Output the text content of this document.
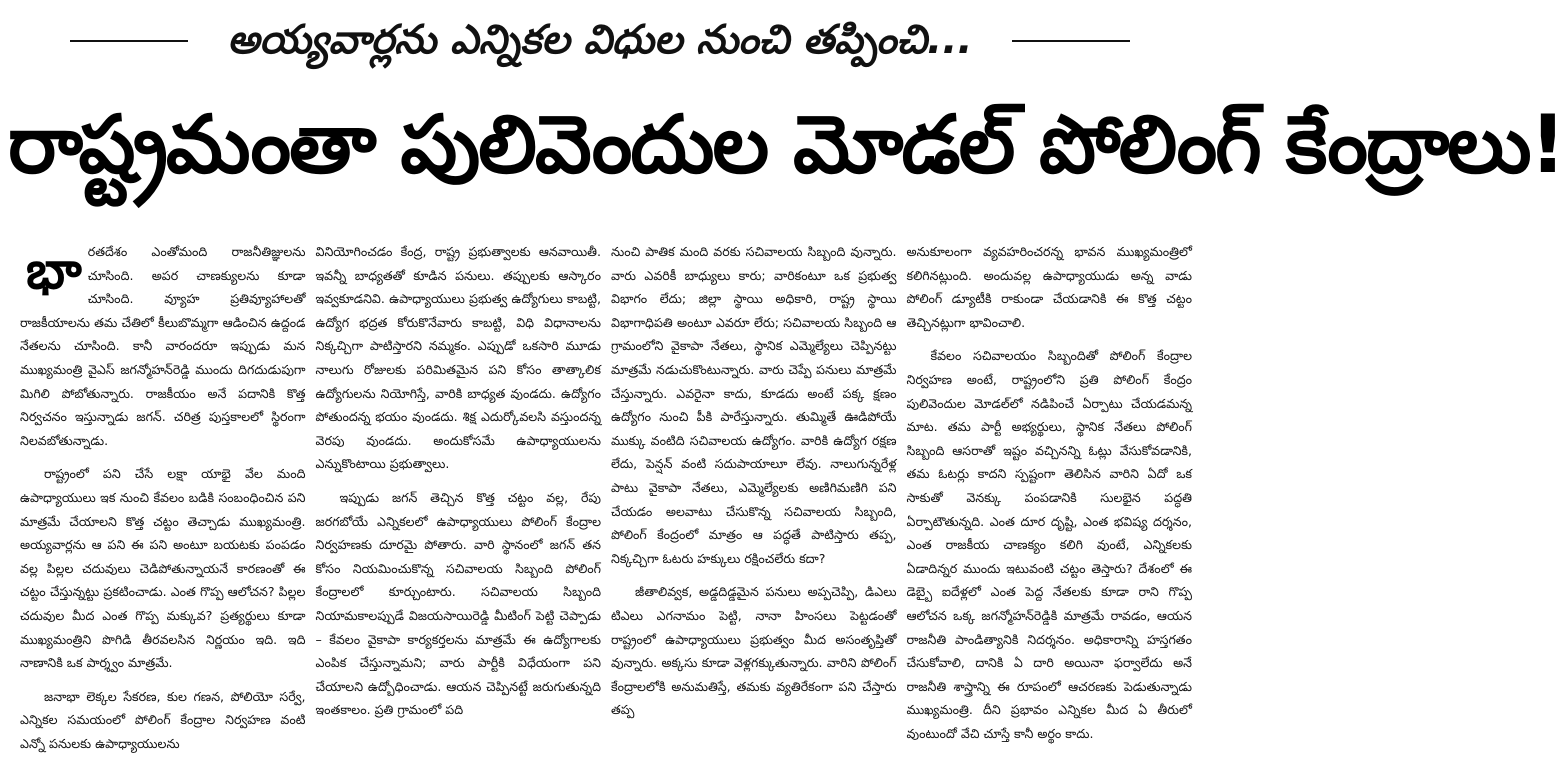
అయ్యవార్లను ఎన్నికల విధుల నుంచి తప్పించి...
రాష్ట్రమంతా పులివెందుల మోడల్ పోలింగ్ కేంద్రాలు!

భారతదేశం ఎంతోమంది రాజనీతిజ్ఞులను చూసింది. అపర చాణక్యులను కూడా చూసింది. వ్యూహ ప్రతివ్యూహాలతో రాజకీయాలను తమ చేతిలో కీలుబొమ్మగా ఆడించిన ఉద్దండ నేతలను చూసింది. కానీ వారందరూ ఇప్పుడు మన ముఖ్యమంత్రి వైఎస్ జగన్మోహన్‌రెడ్డి ముందు దిగదుడుపుగా మిగిలి పోబోతున్నారు. రాజకీయం అనే పదానికి కొత్త నిర్వచనం ఇస్తున్నాడు జగన్. చరిత్ర పుస్తకాలలో స్థిరంగా నిలవబోతున్నాడు.

రాష్ట్రంలో పని చేసే లక్షా యాభై వేల మంది ఉపాధ్యాయులు ఇక నుంచి కేవలం బడికి సంబంధించిన పని మాత్రమే చేయాలని కొత్త చట్టం తెచ్చాడు ముఖ్యమంత్రి. అయ్యవార్లను ఆ పని ఈ పని అంటూ బయటకు పంపడం వల్ల పిల్లల చదువులు చెడిపోతున్నాయనే కారణంతో ఈ చట్టం చేస్తున్నట్టు ప్రకటించాడు. ఎంత గొప్ప ఆలోచన? పిల్లల చదువుల మీద ఎంత గొప్ప మక్కువ? ప్రత్యర్థులు కూడా ముఖ్యమంత్రిని పొగిడి తీరవలసిన నిర్ణయం ఇది. ఇది నాణానికి ఒక పార్శ్వం మాత్రమే.

జనాభా లెక్కల సేకరణ, కుల గణన, పోలియో సర్వే, ఎన్నికల సమయంలో పోలింగ్ కేంద్రాల నిర్వహణ వంటి ఎన్నో పనులకు ఉపాధ్యాయులను

వినియోగించడం కేంద్ర, రాష్ట్ర ప్రభుత్వాలకు ఆనవాయితీ. ఇవన్నీ బాధ్యతతో కూడిన పనులు. తప్పులకు ఆస్కారం ఇవ్వకూడనివి. ఉపాధ్యాయులు ప్రభుత్వ ఉద్యోగులు కాబట్టి, ఉద్యోగ భద్రత కోరుకొనేవారు కాబట్టి, విధి విధానాలను నిక్కచ్చిగా పాటిస్తారని నమ్మకం. ఎప్పుడో ఒకసారి మూడు నాలుగు రోజులకు పరిమితమైన పని కోసం తాత్కాలిక ఉద్యోగులను నియోగిస్తే, వారికి బాధ్యత వుండదు. ఉద్యోగం పోతుందన్న భయం వుండదు. శిక్ష ఎదుర్కోవలసి వస్తుందన్న వెరపు వుండదు. అందుకోసమే ఉపాధ్యాయులను ఎన్నుకొంటాయి ప్రభుత్వాలు.

ఇప్పుడు జగన్ తెచ్చిన కొత్త చట్టం వల్ల, రేపు జరగబోయే ఎన్నికలలో ఉపాధ్యాయులు పోలింగ్ కేంద్రాల నిర్వహణకు దూరమై పోతారు. వారి స్థానంలో జగన్ తన కోసం నియమించుకొన్న సచివాలయ సిబ్బంది పోలింగ్ కేంద్రాలలో కూర్చుంటారు. సచివాలయ సిబ్బంది నియామకాలప్పుడే విజయసాయిరెడ్డి మీటింగ్ పెట్టి చెప్పాడు – కేవలం వైకాపా కార్యకర్తలను మాత్రమే ఈ ఉద్యోగాలకు ఎంపిక చేస్తున్నామని; వారు పార్టీకి విధేయంగా పని చేయాలని ఉద్బోధించాడు. ఆయన చెప్పినట్టే జరుగుతున్నది ఇంతకాలం. ప్రతి గ్రామంలో పది

నుంచి పాతిక మంది వరకు సచివాలయ సిబ్బంది వున్నారు. వారు ఎవరికీ బాధ్యులు కారు; వారికంటూ ఒక ప్రభుత్వ విభాగం లేదు; జిల్లా స్థాయి అధికారి, రాష్ట్ర స్థాయి విభాగాధిపతి అంటూ ఎవరూ లేరు; సచివాలయ సిబ్బంది ఆ గ్రామంలోని వైకాపా నేతలు, స్థానిక ఎమ్మెల్యేలు చెప్పినట్టు మాత్రమే నడుచుకొంటున్నారు. వారు చెప్పే పనులు మాత్రమే చేస్తున్నారు. ఎవరైనా కాదు, కూడదు అంటే పక్క క్షణం ఉద్యోగం నుంచి పీకి పారేస్తున్నారు. తుమ్మితే ఊడిపోయే ముక్కు వంటిది సచివాలయ ఉద్యోగం. వారికి ఉద్యోగ రక్షణ లేదు, పెన్షన్ వంటి సదుపాయాలూ లేవు. నాలుగున్నరేళ్ల పాటు వైకాపా నేతలు, ఎమ్మెల్యేలకు అణిగిమణిగి పని చేయడం అలవాటు చేసుకొన్న సచివాలయ సిబ్బంది, పోలింగ్ కేంద్రంలో మాత్రం ఆ పద్ధతే పాటిస్తారు తప్ప, నిక్కచ్చిగా ఓటరు హక్కులు రక్షించలేరు కదా?

జీతాలివ్వక, అడ్డదిడ్డమైన పనులు అప్పచెప్పి, డిఎలు టిఎలు ఎగనామం పెట్టి, నానా హింసలు పెట్టడంతో రాష్ట్రంలో ఉపాధ్యాయులు ప్రభుత్వం మీద అసంతృప్తితో వున్నారు. అక్కసు కూడా వెళ్లగక్కుతున్నారు. వారిని పోలింగ్ కేంద్రాలలోకి అనుమతిస్తే, తమకు వ్యతిరేకంగా పని చేస్తారు తప్ప

అనుకూలంగా వ్యవహరించరన్న భావన ముఖ్యమంత్రిలో కలిగినట్లుంది. అందువల్ల ఉపాధ్యాయుడు అన్న వాడు పోలింగ్ డ్యూటీకి రాకుండా చేయడానికి ఈ కొత్త చట్టం తెచ్చినట్లుగా భావించాలి.

కేవలం సచివాలయం సిబ్బందితో పోలింగ్ కేంద్రాల నిర్వహణ అంటే, రాష్ట్రంలోని ప్రతి పోలింగ్ కేంద్రం పులివెందుల మోడల్‌లో నడిపించే ఏర్పాటు చేయడమన్న మాట. తమ పార్టీ అభ్యర్థులు, స్థానిక నేతలు పోలింగ్ సిబ్బంది ఆసరాతో ఇష్టం వచ్చినన్ని ఓట్లు వేసుకోవడానికి, తమ ఓటర్లు కాదని స్పష్టంగా తెలిసిన వారిని ఏదో ఒక సాకుతో వెనక్కు పంపడానికి సులభైన పద్ధతి ఏర్పాటౌతున్నది. ఎంత దూర దృష్టి, ఎంత భవిష్య దర్శనం, ఎంత రాజకీయ చాణక్యం కలిగి వుంటే, ఎన్నికలకు ఏడాదిన్నర ముందు ఇటువంటి చట్టం తెస్తారు? దేశంలో ఈ డెబ్బై ఐదేళ్లలో ఎంత పెద్ద నేతలకు కూడా రాని గొప్ప ఆలోచన ఒక్క జగన్మోహన్‌రెడ్డికి మాత్రమే రావడం, ఆయన రాజనీతి పాండిత్యానికి నిదర్శనం. అధికారాన్ని హస్తగతం చేసుకోవాలి, దానికి ఏ దారి అయినా ఫర్వాలేదు అనే రాజనీతి శాస్త్రాన్ని ఈ రూపంలో ఆచరణకు పెడుతున్నాడు ముఖ్యమంత్రి. దీని ప్రభావం ఎన్నికల మీద ఏ తీరులో వుంటుందో వేచి చూస్తే కానీ అర్థం కాదు.
